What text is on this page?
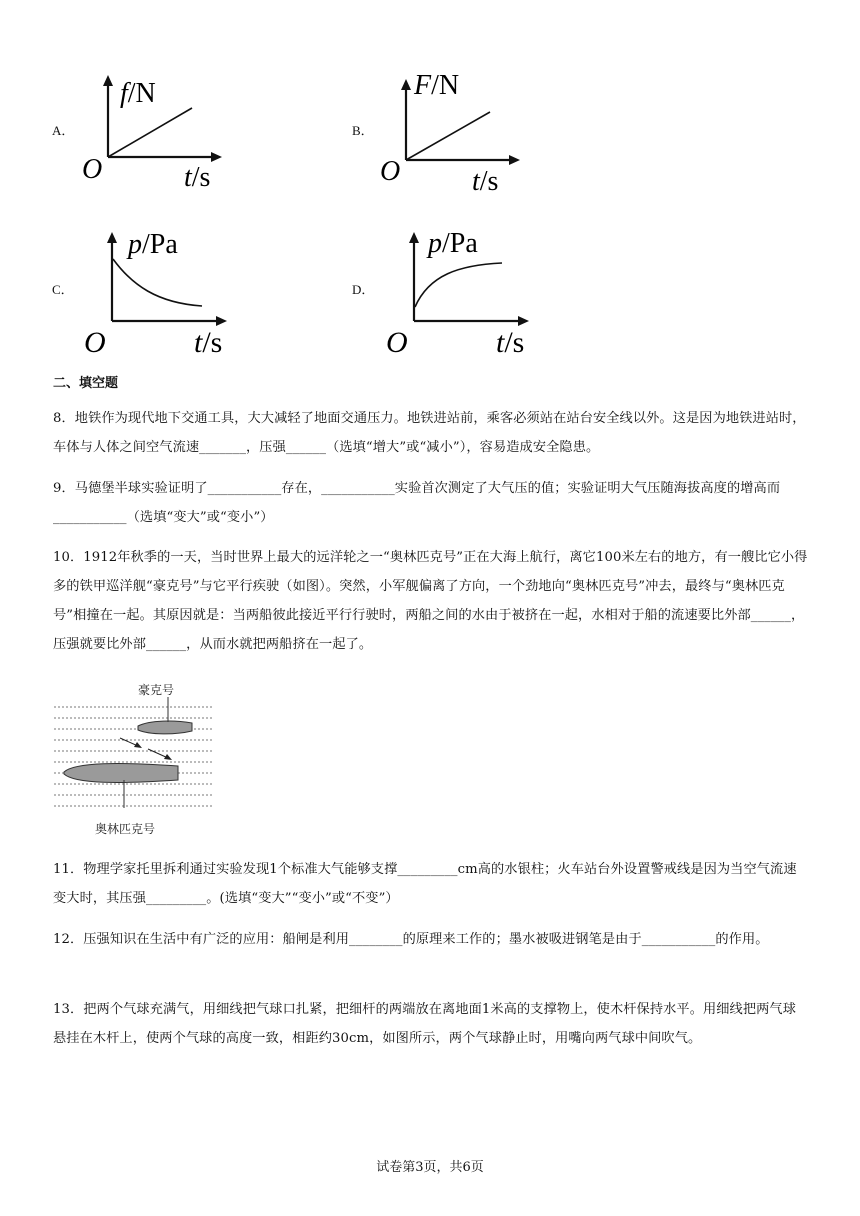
A．
f/N
O	t/s
B．
F/N
O	t/s
C．
p/Pa
O	t/s
D．
p/Pa
O	t/s
二、填空题
8．地铁作为现代地下交通工具，大大减轻了地面交通压力。地铁进站前，乘客必须站在站台安全线以外。这是因为地铁进站时，车体与人体之间空气流速_______，压强______（选填“增大”或“减小”），容易造成安全隐患。
9．马德堡半球实验证明了___________存在，___________实验首次测定了大气压的值；实验证明大气压随海拔高度的增高而___________（选填“变大”或“变小”）
10．1912年秋季的一天，当时世界上最大的远洋轮之一“奥林匹克号”正在大海上航行，离它100米左右的地方，有一艘比它小得多的铁甲巡洋舰“豪克号”与它平行疾驶（如图）。突然，小军舰偏离了方向，一个劲地向“奥林匹克号”冲去，最终与“奥林匹克号”相撞在一起。其原因就是：当两船彼此接近平行行驶时，两船之间的水由于被挤在一起，水相对于船的流速要比外部______，压强就要比外部______，从而水就把两船挤在一起了。
豪克号
奥林匹克号
11．物理学家托里拆利通过实验发现1个标准大气能够支撑_________cm高的水银柱；火车站台外设置警戒线是因为当空气流速变大时，其压强_________。(选填“变大”“变小”或“不变”）
12．压强知识在生活中有广泛的应用：船闸是利用________的原理来工作的；墨水被吸进钢笔是由于___________的作用。
13．把两个气球充满气，用细线把气球口扎紧，把细杆的两端放在离地面1米高的支撑物上，使木杆保持水平。用细线把两气球悬挂在木杆上，使两个气球的高度一致，相距约30cm，如图所示，两个气球静止时，用嘴向两气球中间吹气。
试卷第3页，共6页
